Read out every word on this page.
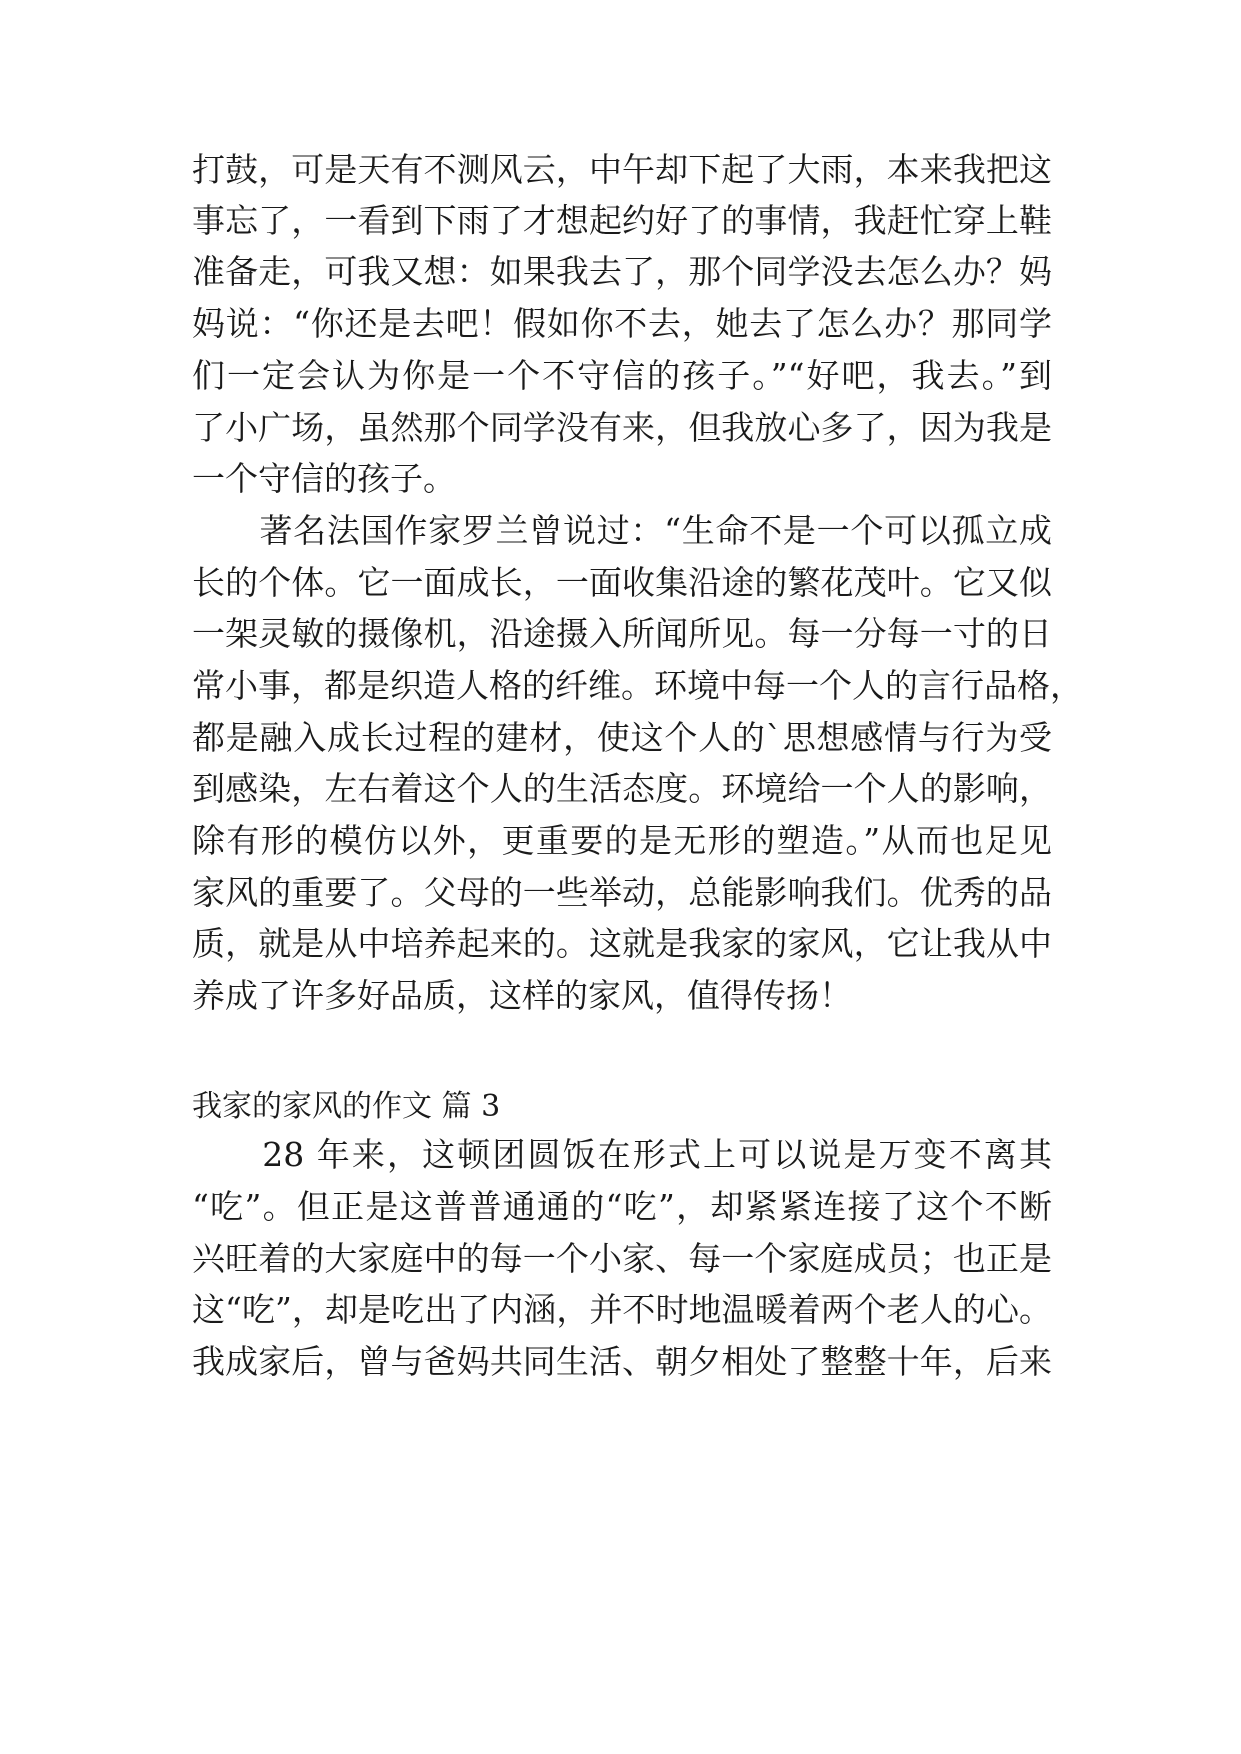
打鼓，可是天有不测风云，中午却下起了大雨，本来我把这
事忘了，一看到下雨了才想起约好了的事情，我赶忙穿上鞋
准备走，可我又想：如果我去了，那个同学没去怎么办？妈
妈说：“你还是去吧！假如你不去，她去了怎么办？那同学
们一定会认为你是一个不守信的孩子。”“好吧，我去。”到
了小广场，虽然那个同学没有来，但我放心多了，因为我是
一个守信的孩子。
　　著名法国作家罗兰曾说过：“生命不是一个可以孤立成
长的个体。它一面成长，一面收集沿途的繁花茂叶。它又似
一架灵敏的摄像机，沿途摄入所闻所见。每一分每一寸的日
常小事，都是织造人格的纤维。环境中每一个人的言行品格，
都是融入成长过程的建材，使这个人的`思想感情与行为受
到感染，左右着这个人的生活态度。环境给一个人的影响，
除有形的模仿以外，更重要的是无形的塑造。”从而也足见
家风的重要了。父母的一些举动，总能影响我们。优秀的品
质，就是从中培养起来的。这就是我家的家风，它让我从中
养成了许多好品质，这样的家风，值得传扬！
我家的家风的作文 篇 3
　　28 年来，这顿团圆饭在形式上可以说是万变不离其
“吃”。但正是这普普通通的“吃”，却紧紧连接了这个不断
兴旺着的大家庭中的每一个小家、每一个家庭成员；也正是
这“吃”，却是吃出了内涵，并不时地温暖着两个老人的心。
我成家后，曾与爸妈共同生活、朝夕相处了整整十年，后来
